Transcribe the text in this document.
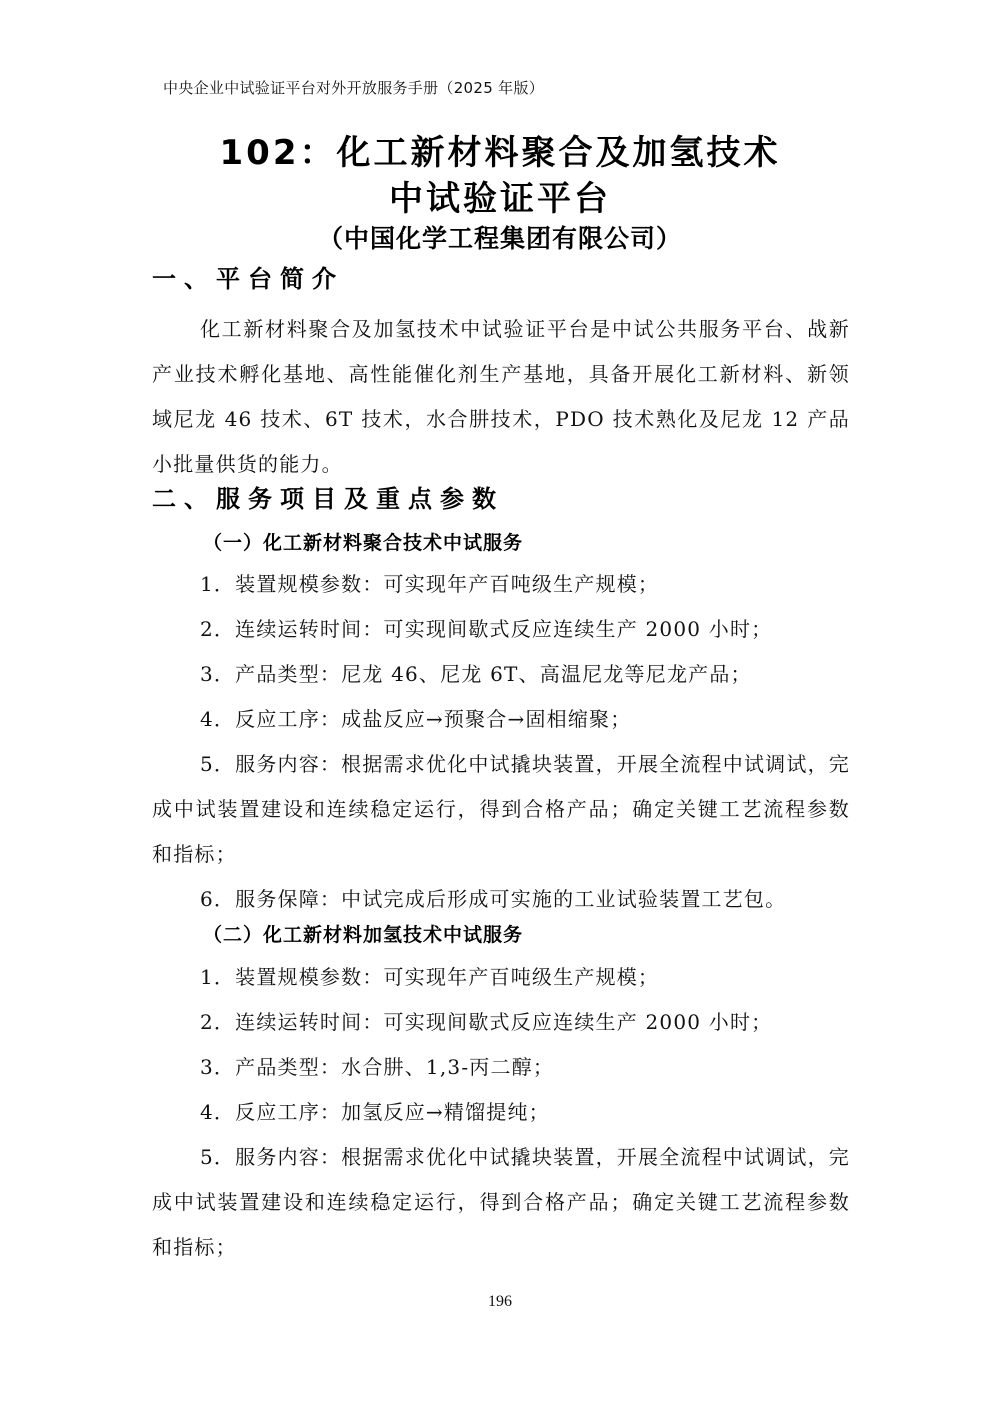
中央企业中试验证平台对外开放服务手册（2025 年版）
102：化工新材料聚合及加氢技术
中试验证平台
（中国化学工程集团有限公司）
一、平台简介

化工新材料聚合及加氢技术中试验证平台是中试公共服务平台、战新产业技术孵化基地、高性能催化剂生产基地，具备开展化工新材料、新领域尼龙 46 技术、6T 技术，水合肼技术，PDO 技术熟化及尼龙 12 产品小批量供货的能力。

二、服务项目及重点参数
（一）化工新材料聚合技术中试服务

1．装置规模参数：可实现年产百吨级生产规模；

2．连续运转时间：可实现间歇式反应连续生产 2000 小时；

3．产品类型：尼龙 46、尼龙 6T、高温尼龙等尼龙产品；

4．反应工序：成盐反应→预聚合→固相缩聚；

5．服务内容：根据需求优化中试撬块装置，开展全流程中试调试，完成中试装置建设和连续稳定运行，得到合格产品；确定关键工艺流程参数和指标；

6．服务保障：中试完成后形成可实施的工业试验装置工艺包。

（二）化工新材料加氢技术中试服务

1．装置规模参数：可实现年产百吨级生产规模；

2．连续运转时间：可实现间歇式反应连续生产 2000 小时；

3．产品类型：水合肼、1,3-丙二醇；

4．反应工序：加氢反应→精馏提纯；

5．服务内容：根据需求优化中试撬块装置，开展全流程中试调试，完成中试装置建设和连续稳定运行，得到合格产品；确定关键工艺流程参数和指标；

196
